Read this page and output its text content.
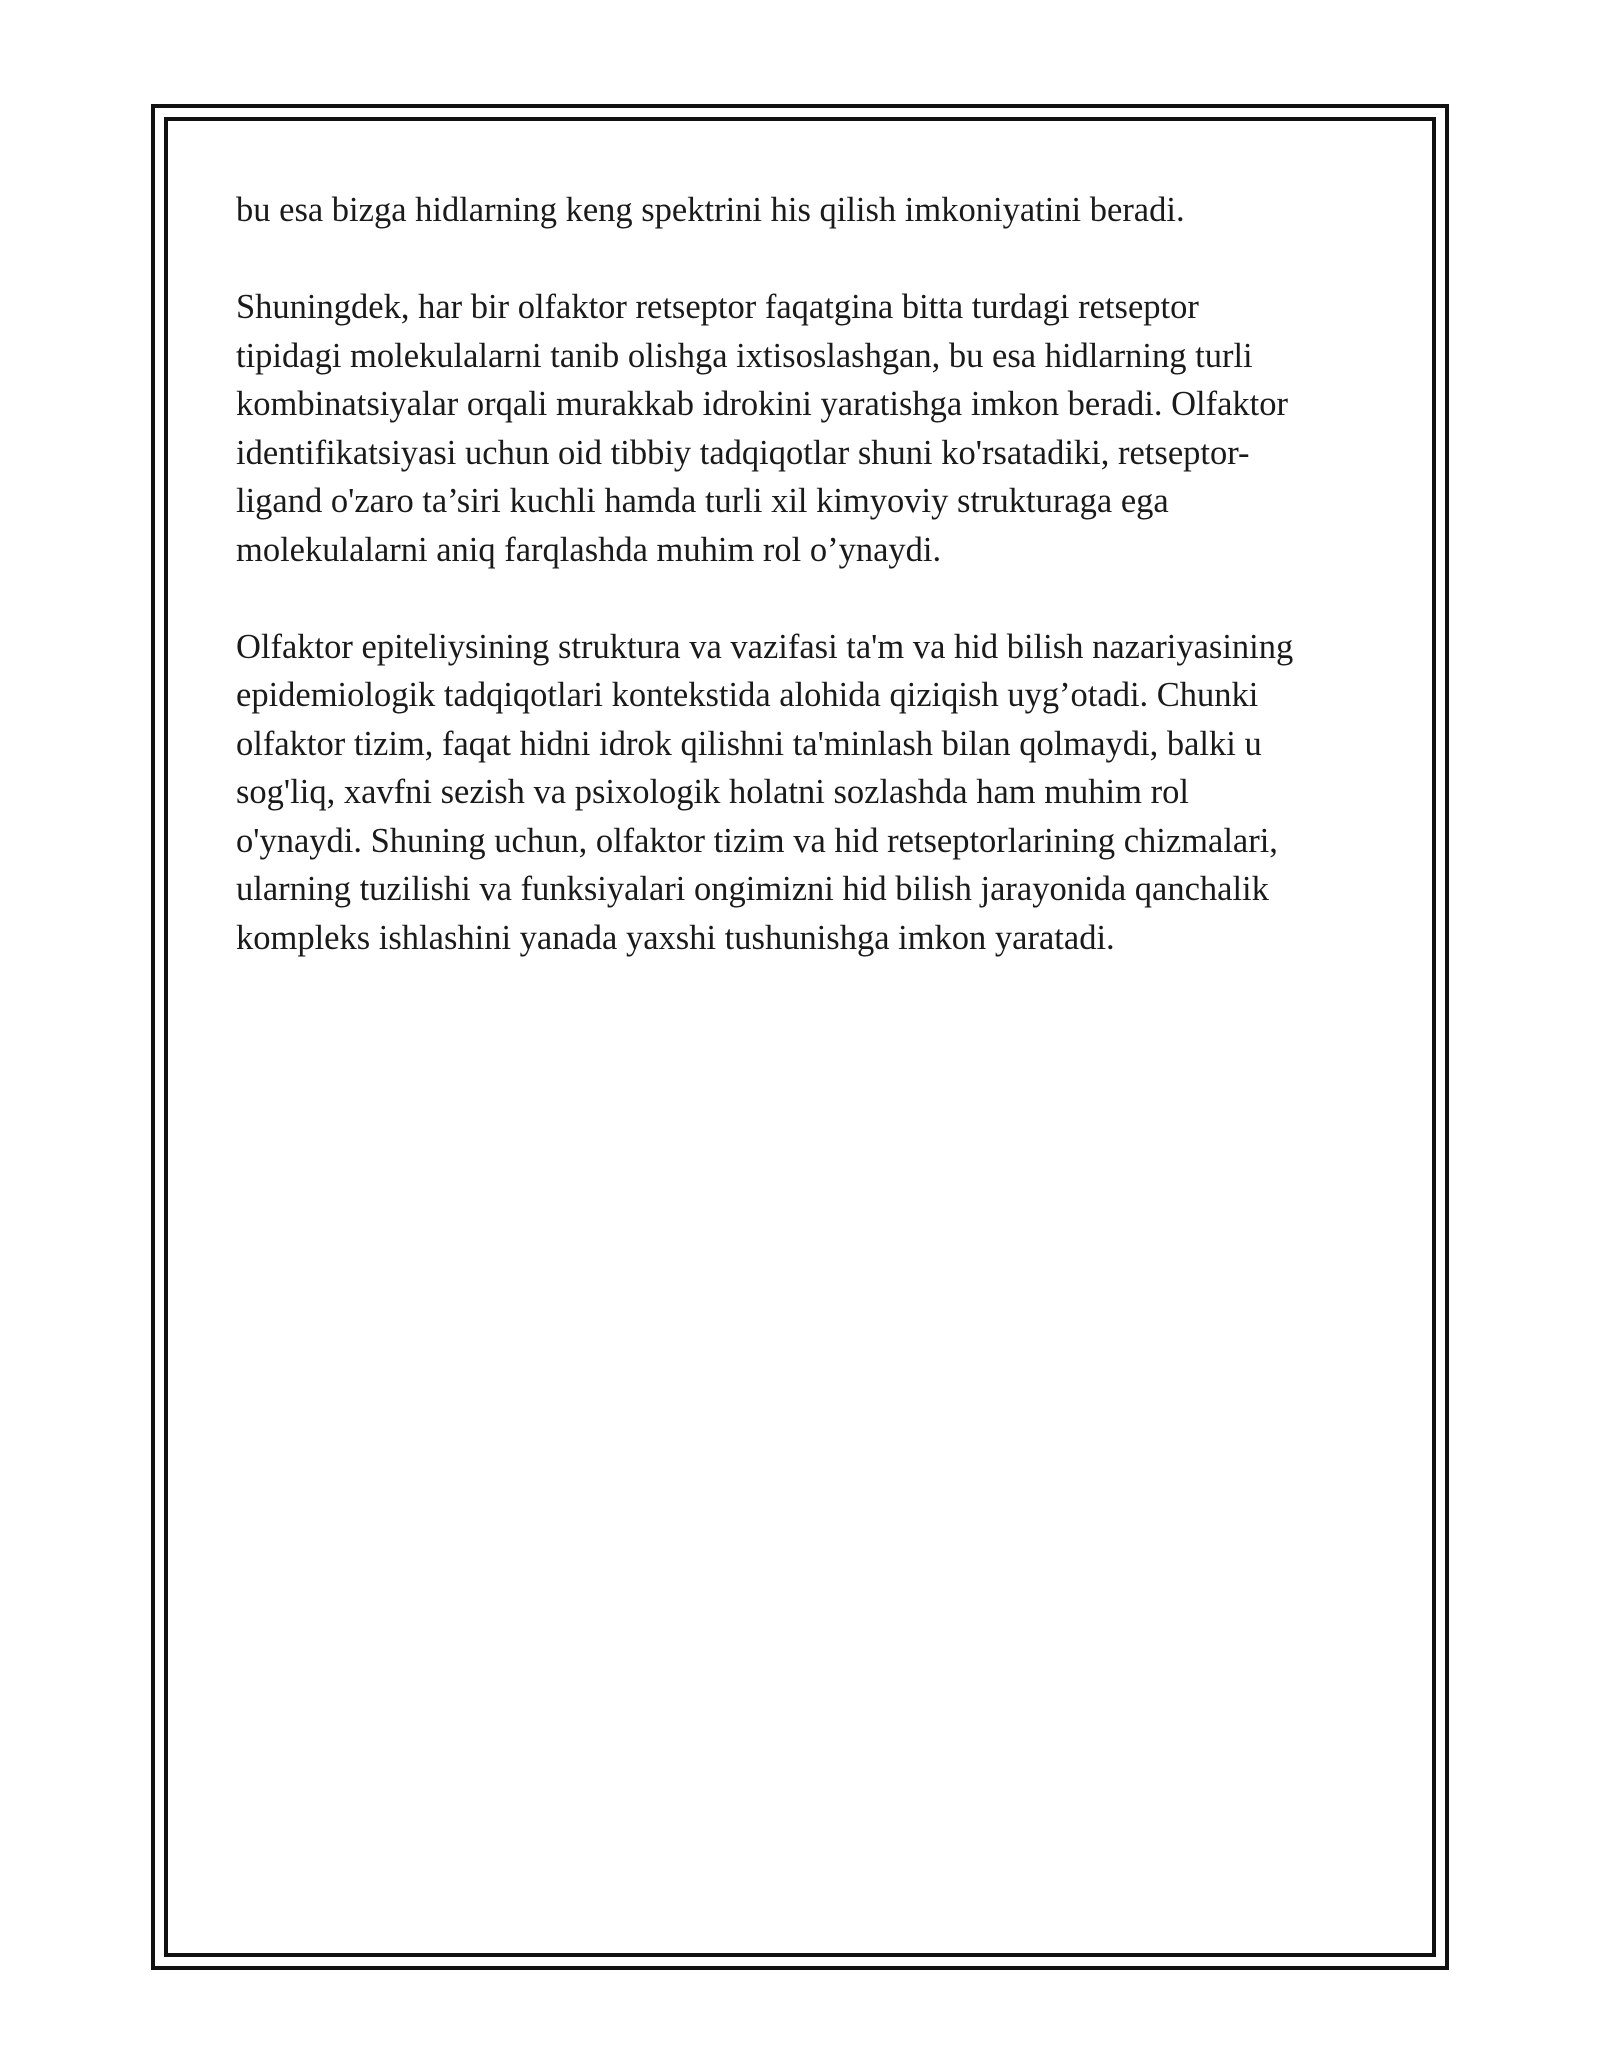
bu esa bizga hidlarning keng spektrini his qilish imkoniyatini beradi.

Shuningdek, har bir olfaktor retseptor faqatgina bitta turdagi retseptor
tipidagi molekulalarni tanib olishga ixtisoslashgan, bu esa hidlarning turli
kombinatsiyalar orqali murakkab idrokini yaratishga imkon beradi. Olfaktor
identifikatsiyasi uchun oid tibbiy tadqiqotlar shuni ko'rsatadiki, retseptor-
ligand o'zaro ta’siri kuchli hamda turli xil kimyoviy strukturaga ega
molekulalarni aniq farqlashda muhim rol o’ynaydi.

Olfaktor epiteliysining struktura va vazifasi ta'm va hid bilish nazariyasining
epidemiologik tadqiqotlari kontekstida alohida qiziqish uyg’otadi. Chunki
olfaktor tizim, faqat hidni idrok qilishni ta'minlash bilan qolmaydi, balki u
sog'liq, xavfni sezish va psixologik holatni sozlashda ham muhim rol
o'ynaydi. Shuning uchun, olfaktor tizim va hid retseptorlarining chizmalari,
ularning tuzilishi va funksiyalari ongimizni hid bilish jarayonida qanchalik
kompleks ishlashini yanada yaxshi tushunishga imkon yaratadi.
